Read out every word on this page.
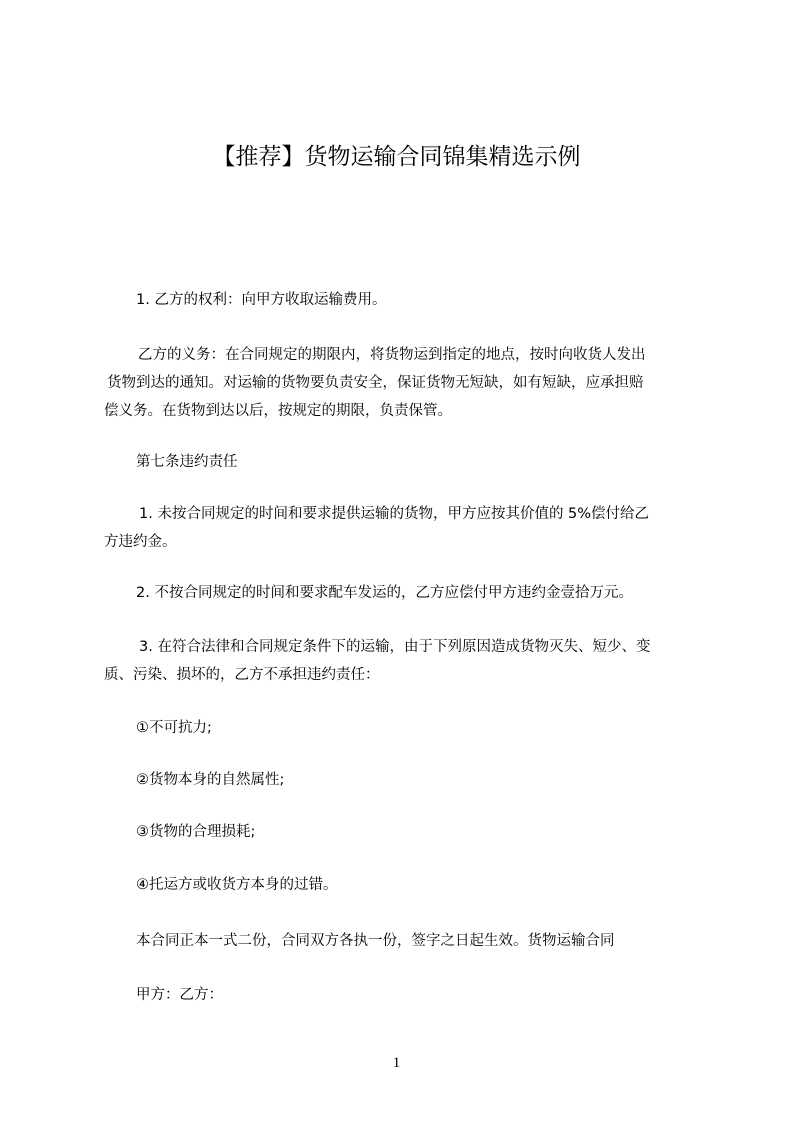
【推荐】货物运输合同锦集精选示例
1. 乙方的权利：向甲方收取运输费用。
乙方的义务：在合同规定的期限内，将货物运到指定的地点，按时向收货人发出
货物到达的通知。对运输的货物要负责安全，保证货物无短缺，如有短缺，应承担赔
偿义务。在货物到达以后，按规定的期限，负责保管。
第七条违约责任
1. 未按合同规定的时间和要求提供运输的货物，甲方应按其价值的 5%偿付给乙
方违约金。
2. 不按合同规定的时间和要求配车发运的，乙方应偿付甲方违约金壹拾万元。
3. 在符合法律和合同规定条件下的运输，由于下列原因造成货物灭失、短少、变
质、污染、损坏的，乙方不承担违约责任：
①不可抗力;
②货物本身的自然属性;
③货物的合理损耗;
④托运方或收货方本身的过错。
本合同正本一式二份，合同双方各执一份，签字之日起生效。货物运输合同
甲方：乙方：
1
